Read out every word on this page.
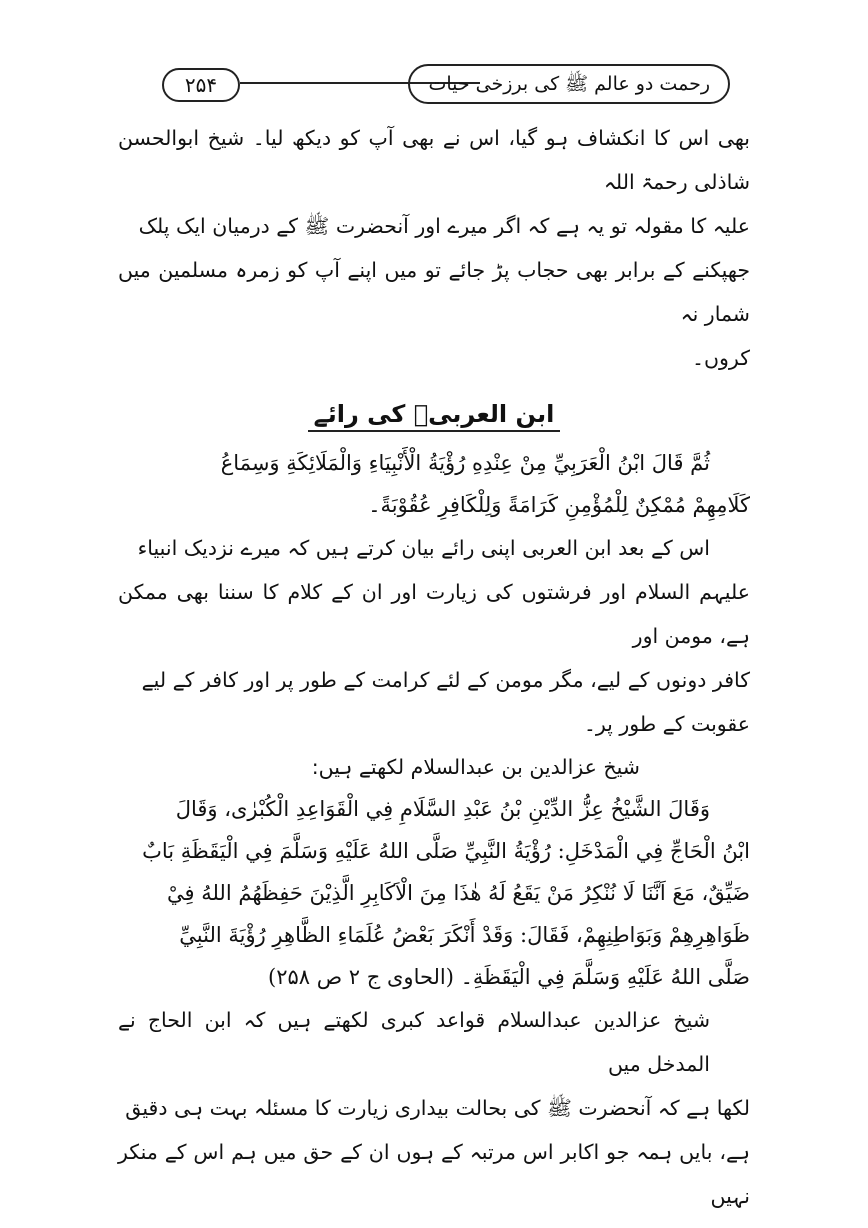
۲۵۴	رحمت دو عالم ﷺ کی برزخی حیات

بھی اس کا انکشاف ہو گیا، اس نے بھی آپ کو دیکھ لیا۔ شیخ ابوالحسن شاذلی رحمۃ اللہ

علیہ کا مقولہ تو یہ ہے کہ اگر میرے اور آنحضرت ﷺ کے درمیان ایک پلک

جھپکنے کے برابر بھی حجاب پڑ جائے تو میں اپنے آپ کو زمرہ مسلمین میں شمار نہ

کروں۔

ابن العربیؒ کی رائے

ثُمَّ قَالَ ابْنُ الْعَرَبِيِّ مِنْ عِنْدِهِ رُؤْيَةُ الْأَنْبِيَاءِ وَالْمَلَائِكَةِ وَسِمَاعُ

كَلَامِهِمْ مُمْكِنٌ لِلْمُؤْمِنِ كَرَامَةً وَلِلْكَافِرِ عُقُوْبَةً۔

اس کے بعد ابن العربی اپنی رائے بیان کرتے ہیں کہ میرے نزدیک انبیاء

علیہم السلام اور فرشتوں کی زیارت اور ان کے کلام کا سننا بھی ممکن ہے، مومن اور

کافر دونوں کے لیے، مگر مومن کے لئے کرامت کے طور پر اور کافر کے لیے

عقوبت کے طور پر۔

شیخ عزالدین بن عبدالسلام لکھتے ہیں:

وَقَالَ الشَّيْخُ عِزُّ الدِّيْنِ بْنُ عَبْدِ السَّلَامِ فِي الْقَوَاعِدِ الْكُبْرٰى، وَقَالَ

ابْنُ الْحَاجِّ فِي الْمَدْخَلِ: رُؤْيَةُ النَّبِيِّ صَلَّى اللهُ عَلَيْهِ وَسَلَّمَ فِي الْيَقَظَةِ بَابٌ

ضَيِّقٌ، مَعَ اَنَّنَا لَا نُنْكِرُ مَنْ يَقَعُ لَهُ هٰذَا مِنَ الْاَكَابِرِ الَّذِيْنَ حَفِظَهُمُ اللهُ فِيْ

ظَوَاهِرِهِمْ وَبَوَاطِنِهِمْ، فَقَالَ: وَقَدْ أَنْكَرَ بَعْضُ عُلَمَاءِ الظَّاهِرِ رُؤْيَةَ النَّبِيِّ

صَلَّى اللهُ عَلَيْهِ وَسَلَّمَ فِي الْيَقَظَةِ۔ (الحاوی ج ۲ ص ۲۵۸)

شیخ عزالدین عبدالسلام قواعد کبری لکھتے ہیں کہ ابن الحاج نے المدخل میں

لکھا ہے کہ آنحضرت ﷺ کی بحالت بیداری زیارت کا مسئلہ بہت ہی دقیق

ہے، بایں ہمہ جو اکابر اس مرتبہ کے ہوں ان کے حق میں ہم اس کے منکر نہیں
